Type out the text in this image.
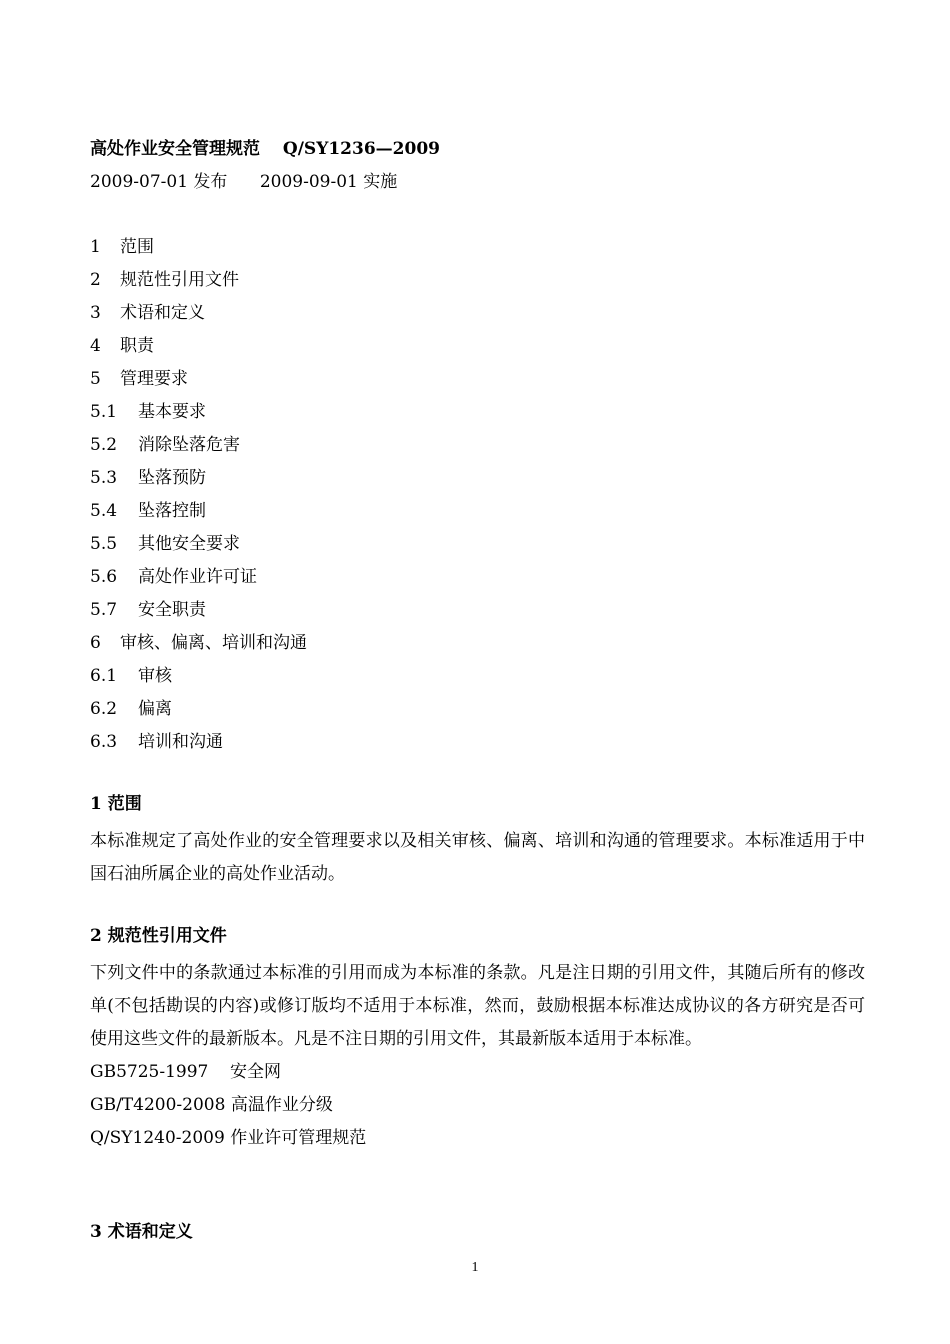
高处作业安全管理规范　 Q/SY1236—2009
2009-07-01 发布      2009-09-01 实施
1 范围
2 规范性引用文件
3 术语和定义
4 职责
5 管理要求
5.1 基本要求
5.2 消除坠落危害
5.3 坠落预防
5.4 坠落控制
5.5 其他安全要求
5.6 高处作业许可证
5.7 安全职责
6 审核、偏离、培训和沟通
6.1 审核
6.2 偏离
6.3 培训和沟通
1 范围

本标准规定了高处作业的安全管理要求以及相关审核、偏离、培训和沟通的管理要求。本标准适用于中国石油所属企业的高处作业活动。

2 规范性引用文件

下列文件中的条款通过本标准的引用而成为本标准的条款。凡是注日期的引用文件，其随后所有的修改单(不包括勘误的内容)或修订版均不适用于本标准，然而，鼓励根据本标准达成协议的各方研究是否可使用这些文件的最新版本。凡是不注日期的引用文件，其最新版本适用于本标准。

GB5725-1997    安全网
GB/T4200-2008 高温作业分级
Q/SY1240-2009 作业许可管理规范
3 术语和定义
1
